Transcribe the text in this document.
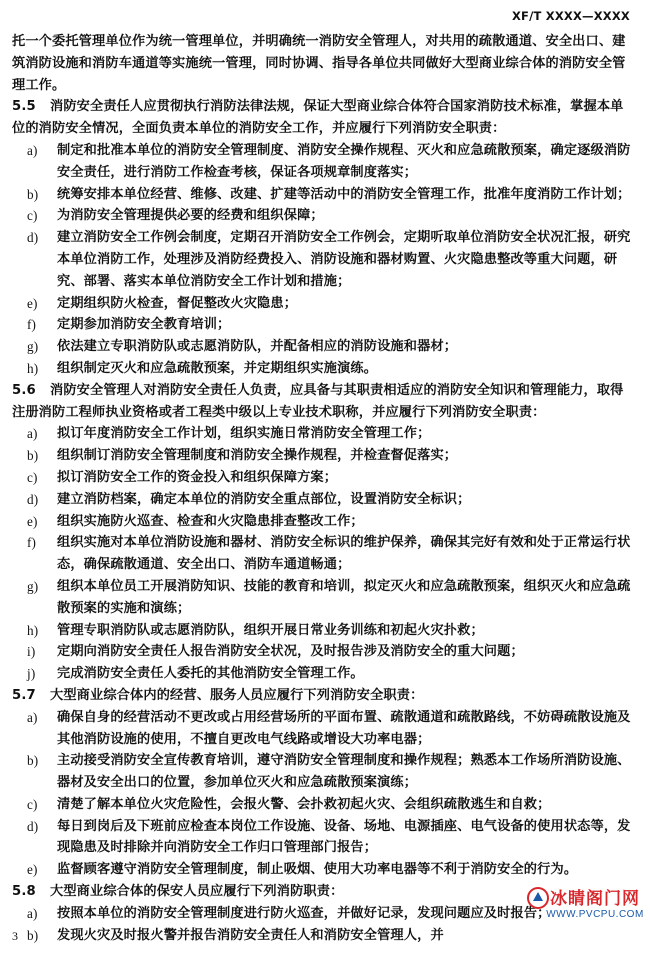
XF/T XXXX—XXXX

托一个委托管理单位作为统一管理单位，并明确统一消防安全管理人，对共用的疏散通道、安全出口、建筑消防设施和消防车通道等实施统一管理，同时协调、指导各单位共同做好大型商业综合体的消防安全管理工作。

5.5 消防安全责任人应贯彻执行消防法律法规，保证大型商业综合体符合国家消防技术标准，掌握本单位的消防安全情况，全面负责本单位的消防安全工作，并应履行下列消防安全职责：

a) 制定和批准本单位的消防安全管理制度、消防安全操作规程、灭火和应急疏散预案，确定逐级消防安全责任，进行消防工作检查考核，保证各项规章制度落实；
b) 统筹安排本单位经营、维修、改建、扩建等活动中的消防安全管理工作，批准年度消防工作计划；
c) 为消防安全管理提供必要的经费和组织保障；
d) 建立消防安全工作例会制度，定期召开消防安全工作例会，定期听取单位消防安全状况汇报，研究本单位消防工作，处理涉及消防经费投入、消防设施和器材购置、火灾隐患整改等重大问题，研究、部署、落实本单位消防安全工作计划和措施；
e) 定期组织防火检查，督促整改火灾隐患；
f) 定期参加消防安全教育培训；
g) 依法建立专职消防队或志愿消防队，并配备相应的消防设施和器材；
h) 组织制定灭火和应急疏散预案，并定期组织实施演练。

5.6 消防安全管理人对消防安全责任人负责，应具备与其职责相适应的消防安全知识和管理能力，取得注册消防工程师执业资格或者工程类中级以上专业技术职称，并应履行下列消防安全职责：

a) 拟订年度消防安全工作计划，组织实施日常消防安全管理工作；
b) 组织制订消防安全管理制度和消防安全操作规程，并检查督促落实；
c) 拟订消防安全工作的资金投入和组织保障方案；
d) 建立消防档案，确定本单位的消防安全重点部位，设置消防安全标识；
e) 组织实施防火巡查、检查和火灾隐患排查整改工作；
f) 组织实施对本单位消防设施和器材、消防安全标识的维护保养，确保其完好有效和处于正常运行状态，确保疏散通道、安全出口、消防车通道畅通；
g) 组织本单位员工开展消防知识、技能的教育和培训，拟定灭火和应急疏散预案，组织灭火和应急疏散预案的实施和演练；
h) 管理专职消防队或志愿消防队，组织开展日常业务训练和初起火灾扑救；
i) 定期向消防安全责任人报告消防安全状况，及时报告涉及消防安全的重大问题；
j) 完成消防安全责任人委托的其他消防安全管理工作。

5.7 大型商业综合体内的经营、服务人员应履行下列消防安全职责：

a) 确保自身的经营活动不更改或占用经营场所的平面布置、疏散通道和疏散路线，不妨碍疏散设施及其他消防设施的使用，不擅自更改电气线路或增设大功率电器；
b) 主动接受消防安全宣传教育培训，遵守消防安全管理制度和操作规程；熟悉本工作场所消防设施、器材及安全出口的位置，参加单位灭火和应急疏散预案演练；
c) 清楚了解本单位火灾危险性，会报火警、会扑救初起火灾、会组织疏散逃生和自救；
d) 每日到岗后及下班前应检查本岗位工作设施、设备、场地、电源插座、电气设备的使用状态等，发现隐患及时排除并向消防安全工作归口管理部门报告；
e) 监督顾客遵守消防安全管理制度，制止吸烟、使用大功率电器等不利于消防安全的行为。

5.8 大型商业综合体的保安人员应履行下列消防职责：

a) 按照本单位的消防安全管理制度进行防火巡查，并做好记录，发现问题应及时报告；
b) 发现火灾及时报火警并报告消防安全责任人和消防安全管理人，并
3
冰睛阁门网
WWW.PVCPU.COM
